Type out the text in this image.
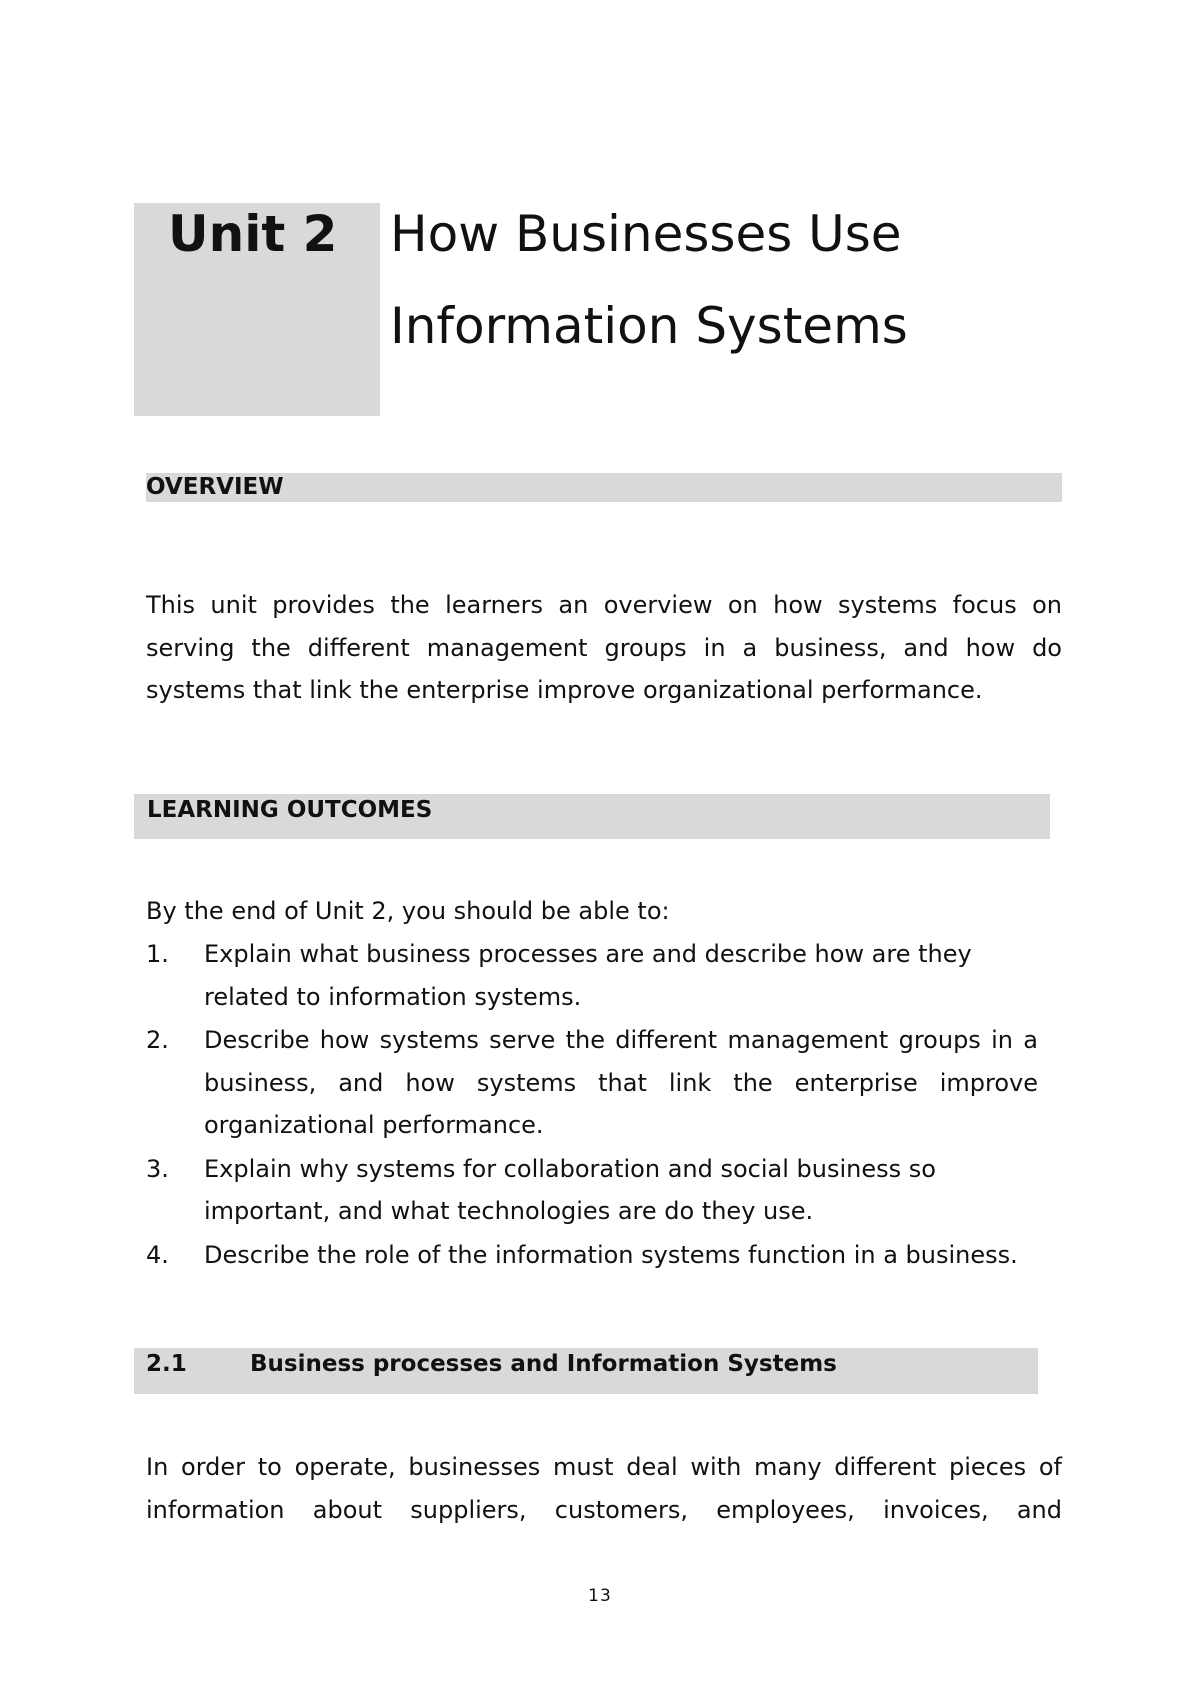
Unit 2 How Businesses Use
Information Systems
OVERVIEW
This unit provides the learners an overview on how systems focus on
serving the different management groups in a business, and how do
systems that link the enterprise improve organizational performance.
LEARNING OUTCOMES
By the end of Unit 2, you should be able to:
1. Explain what business processes are and describe how are they
related to information systems.
2. Describe how systems serve the different management groups in a
business, and how systems that link the enterprise improve
organizational performance.
3. Explain why systems for collaboration and social business so
important, and what technologies are do they use.
4. Describe the role of the information systems function in a business.
2.1	Business processes and Information Systems
In order to operate, businesses must deal with many different pieces of
information about suppliers, customers, employees, invoices, and
13
